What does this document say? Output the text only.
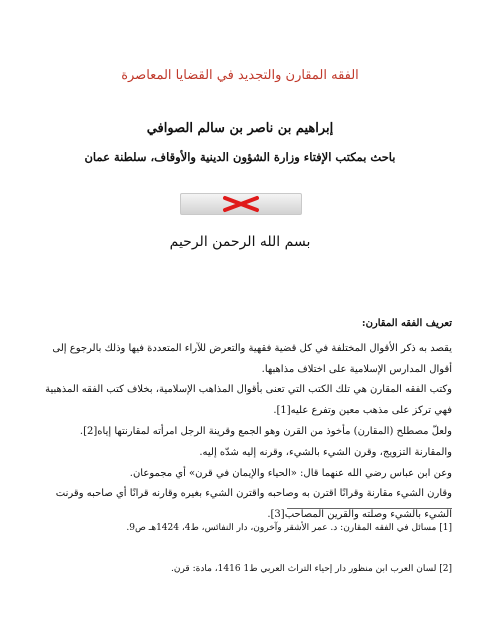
الفقه المقارن والتجديد في القضايا المعاصرة
إبراهيم بن ناصر بن سالم الصوافي
باحث بمكتب الإفتاء وزارة الشؤون الدينية والأوقاف، سلطنة عمان
بسم الله الرحمن الرحيم

تعريف الفقه المقارن:

يقصد به ذكر الأقوال المختلفة في كل قضية فقهية والتعرض للآراء المتعددة فيها وذلك بالرجوع إلى أقوال المدارس الإسلامية على اختلاف مذاهبها.

وكتب الفقه المقارن هي تلك الكتب التي تعنى بأقوال المذاهب الإسلامية، بخلاف كتب الفقه المذهبية فهي تركز على مذهب معين وتفرع عليه[1].

ولعلّ مصطلح (المقارن) مأخوذ من القرن وهو الجمع وقرينة الرجل امرأته لمقارنتها إياه[2].

والمقارنة التزويج، وقرن الشيء بالشيء، وقرنه إليه شدّه إليه.

وعن ابن عباس رضي الله عنهما قال: «الحياء والإيمان في قرن» أي مجموعان.

وقارن الشيء مقارنة وقرانًا اقترن به وصاحبه واقترن الشيء بغيره وقارنه قرانًا أي صاحبه وقرنت الشيء بالشيء وصلته والقرين المصاحب[3].

[1] مسائل في الفقه المقارن: د. عمر الأشقر وآخرون، دار النفائس، ط4، 1424هـ ص9.
[2] لسان العرب ابن منظور دار إحياء التراث العربي ط1 1416، مادة: قرن.
